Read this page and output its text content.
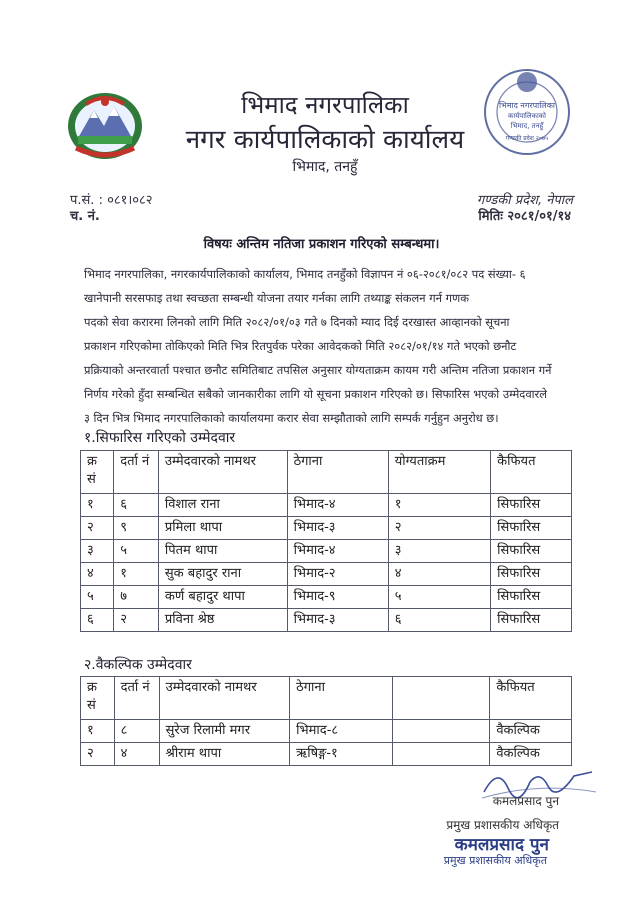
भिमाद नगरपालिका
नगर कार्यपालिकाको कार्यालय
भिमाद, तनहुँ
भिमाद नगरपालिका
कार्यपालिकाको
भिमाद, तनहुँ
गण्डकी प्रदेश २०७५
प.सं. : ०८१।०८२
च. नं.
गण्डकी प्रदेश, नेपाल
मितिः २०८१/०१/१४
विषयः अन्तिम नतिजा प्रकाशन गरिएको सम्बन्धमा।
भिमाद नगरपालिका, नगरकार्यपालिकाको कार्यालय, भिमाद तनहुँको विज्ञापन नं ०६-२०८१/०८२ पद संख्या- ६
खानेपानी सरसफाइ तथा स्वच्छता सम्बन्धी योजना तयार गर्नका लागि तथ्याङ्क संकलन गर्न गणक
पदको सेवा करारमा लिनको लागि मिति २०८२/०१/०३ गते ७ दिनको म्याद दिई दरखास्त आव्हानको सूचना
प्रकाशन गरिएकोमा तोकिएको मिति भित्र रितपुर्वक परेका आवेदकको मिति २०८२/०१/१४ गते भएको छनौट
प्रक्रियाको अन्तरवार्ता पश्चात छनौट समितिबाट तपसिल अनुसार योग्यताक्रम कायम गरी अन्तिम नतिजा प्रकाशन गर्ने
निर्णय गरेको हुँदा सम्बन्धित सबैको जानकारीका लागि यो सूचना प्रकाशन गरिएको छ। सिफारिस भएको उम्मेदवारले
३ दिन भित्र भिमाद नगरपालिकाको कार्यालयमा करार सेवा सम्झौताको लागि सम्पर्क गर्नुहुन अनुरोध छ।
१.सिफारिस गरिएको उम्मेदवार
क्र सं	दर्ता नं	उम्मेदवारको नामथर	ठेगाना	योग्यताक्रम	कैफियत
१	६	विशाल राना	भिमाद-४	१	सिफारिस
२	९	प्रमिला थापा	भिमाद-३	२	सिफारिस
३	५	पितम थापा	भिमाद-४	३	सिफारिस
४	१	सुक बहादुर राना	भिमाद-२	४	सिफारिस
५	७	कर्ण बहादुर थापा	भिमाद-९	५	सिफारिस
६	२	प्रविना श्रेष्ठ	भिमाद-३	६	सिफारिस
२.वैकल्पिक उम्मेदवार
क्र सं	दर्ता नं	उम्मेदवारको नामथर	ठेगाना		कैफियत
१	८	सुरेज रिलामी मगर	भिमाद-८		वैकल्पिक
२	४	श्रीराम थापा	ऋषिङ्ग-१		वैकल्पिक
कमलप्रसाद पुन
प्रमुख प्रशासकीय अधिकृत
कमलप्रसाद पुन
प्रमुख प्रशासकीय अधिकृत
